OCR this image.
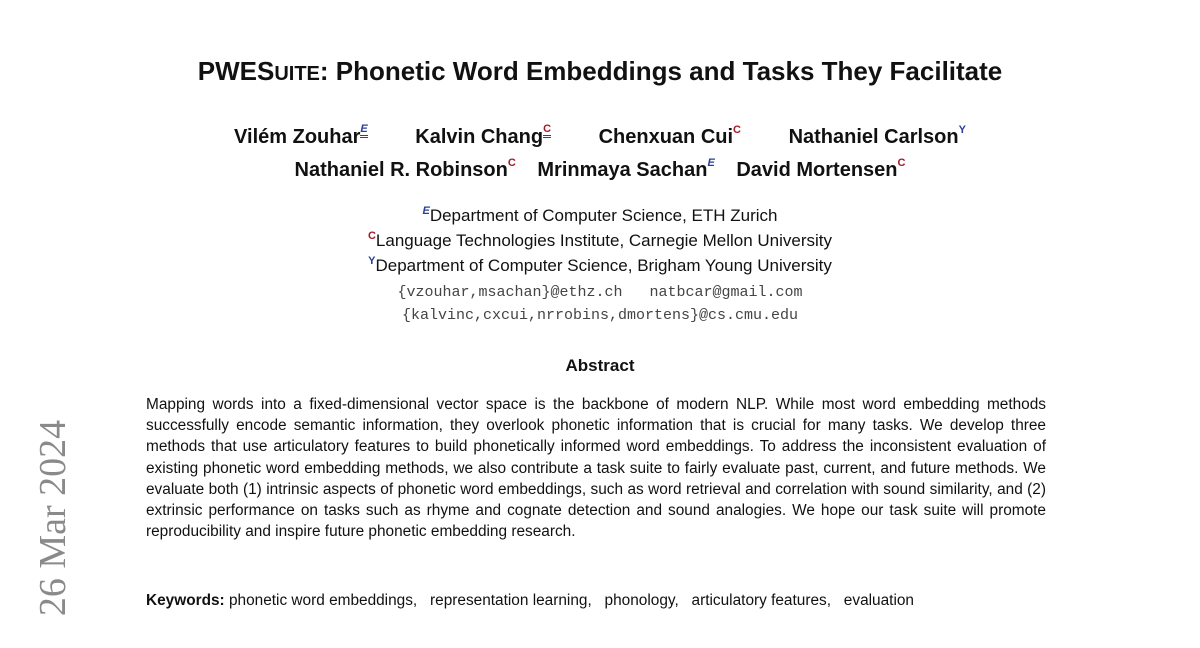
26 Mar 2024
PWESUITE: Phonetic Word Embeddings and Tasks They Facilitate
Vilém Zouhar$^E$ Kalvin Chang$^C$ Chenxuan Cui$^C$ Nathaniel Carlson$^Y$
Nathaniel R. Robinson$^C$ Mrinmaya Sachan$^E$ David Mortensen$^C$
$^E$Department of Computer Science, ETH Zurich
$^C$Language Technologies Institute, Carnegie Mellon University
$^Y$Department of Computer Science, Brigham Young University
{vzouhar,msachan}@ethz.ch   natbcar@gmail.com
{kalvinc,cxcui,nrrobins,dmortens}@cs.cmu.edu
Abstract
Mapping words into a fixed-dimensional vector space is the backbone of modern NLP. While most word embedding methods successfully encode semantic information, they overlook phonetic information that is crucial for many tasks. We develop three methods that use articulatory features to build phonetically informed word embeddings. To address the inconsistent evaluation of existing phonetic word embedding methods, we also contribute a task suite to fairly evaluate past, current, and future methods. We evaluate both (1) intrinsic aspects of phonetic word embeddings, such as word retrieval and correlation with sound similarity, and (2) extrinsic performance on tasks such as rhyme and cognate detection and sound analogies. We hope our task suite will promote reproducibility and inspire future phonetic embedding research.
Keywords: phonetic word embeddings,   representation learning,   phonology,   articulatory features,   evaluation
